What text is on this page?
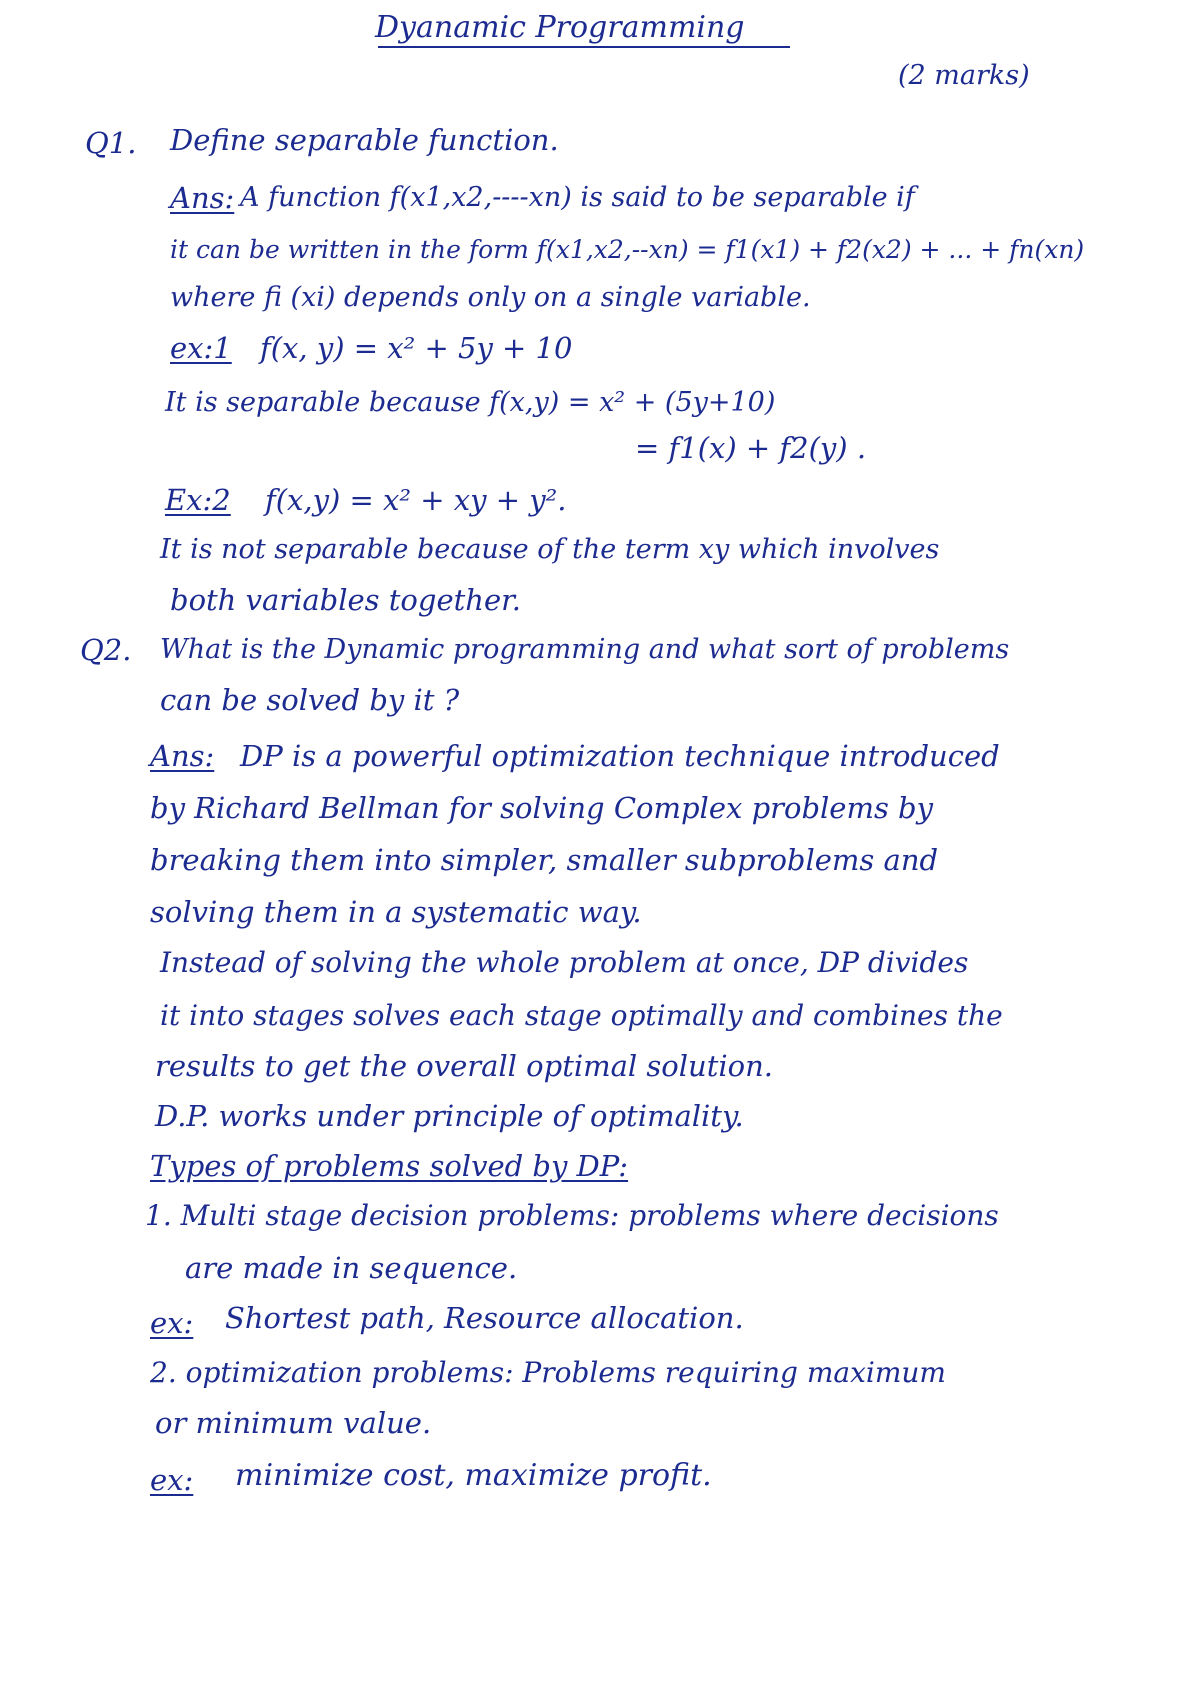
Dyanamic Programming
(2 marks)
Q1. Define separable function.
Ans: A function f(x1,x2,----xn) is said to be separable if
it can be written in the form f(x1,x2,--xn) = f1(x1) + f2(x2) + ... + fn(xn)
where fi (xi) depends only on a single variable.
ex:1 f(x, y) = x² + 5y + 10
It is separable because f(x,y) = x² + (5y+10)
= f1(x) + f2(y) .
Ex:2 f(x,y) = x² + xy + y².
It is not separable because of the term xy which involves
both variables together.
Q2. What is the Dynamic programming and what sort of problems
can be solved by it ?
Ans: DP is a powerful optimization technique introduced
by Richard Bellman for solving Complex problems by
breaking them into simpler, smaller subproblems and
solving them in a systematic way.
Instead of solving the whole problem at once, DP divides
it into stages solves each stage optimally and combines the
results to get the overall optimal solution.
D.P. works under principle of optimality.
Types of problems solved by DP:
1. Multi stage decision problems: problems where decisions
are made in sequence.
ex: Shortest path, Resource allocation.
2. optimization problems: Problems requiring maximum
or minimum value.
ex: minimize cost, maximize profit.
